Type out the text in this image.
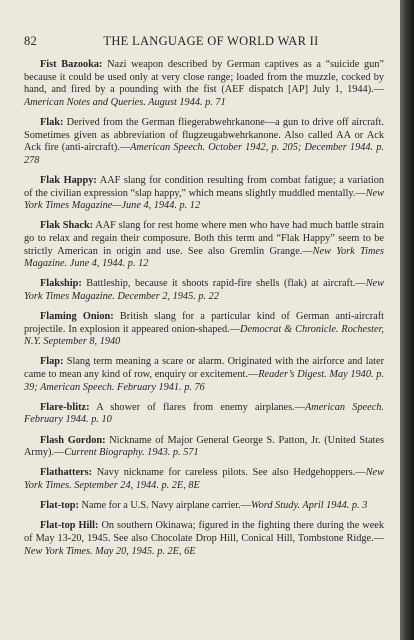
82	THE LANGUAGE OF WORLD WAR II

Fist Bazooka: Nazi weapon described by German captives as a “suicide gun” because it could be used only at very close range; loaded from the muzzle, cocked by hand, and fired by a pounding with the fist (AEF dispatch [AP] July 1, 1944).—American Notes and Queries. August 1944. p. 71

Flak: Derived from the German fliegerabwehrkanone—a gun to drive off aircraft. Sometimes given as abbreviation of flugzeugabwehrkanone. Also called AA or Ack Ack fire (anti-aircraft).—American Speech. October 1942, p. 205; December 1944. p. 278

Flak Happy: AAF slang for condition resulting from combat fatigue; a variation of the civilian expression “slap happy,” which means slightly muddled mentally.—New York Times Magazine—June 4, 1944. p. 12

Flak Shack: AAF slang for rest home where men who have had much battle strain go to relax and regain their composure. Both this term and “Flak Happy” seem to be strictly American in origin and use. See also Gremlin Grange.—New York Times Magazine. June 4, 1944. p. 12

Flakship: Battleship, because it shoots rapid-fire shells (flak) at aircraft.—New York Times Magazine. December 2, 1945. p. 22

Flaming Onion: British slang for a particular kind of German anti-aircraft projectile. In explosion it appeared onion-shaped.—Democrat & Chronicle. Rochester, N.Y. September 8, 1940

Flap: Slang term meaning a scare or alarm. Originated with the airforce and later came to mean any kind of row, enquiry or excitement.—Reader’s Digest. May 1940. p. 39; American Speech. February 1941. p. 76

Flare-blitz: A shower of flares from enemy airplanes.—American Speech. February 1944. p. 10

Flash Gordon: Nickname of Major General George S. Patton, Jr. (United States Army).—Current Biography. 1943. p. 571

Flathatters: Navy nickname for careless pilots. See also Hedgehoppers.—New York Times. September 24, 1944. p. 2E, 8E

Flat-top: Name for a U.S. Navy airplane carrier.—Word Study. April 1944. p. 3

Flat-top Hill: On southern Okinawa; figured in the fighting there during the week of May 13-20, 1945. See also Chocolate Drop Hill, Conical Hill, Tombstone Ridge.—New York Times. May 20, 1945. p. 2E, 6E
